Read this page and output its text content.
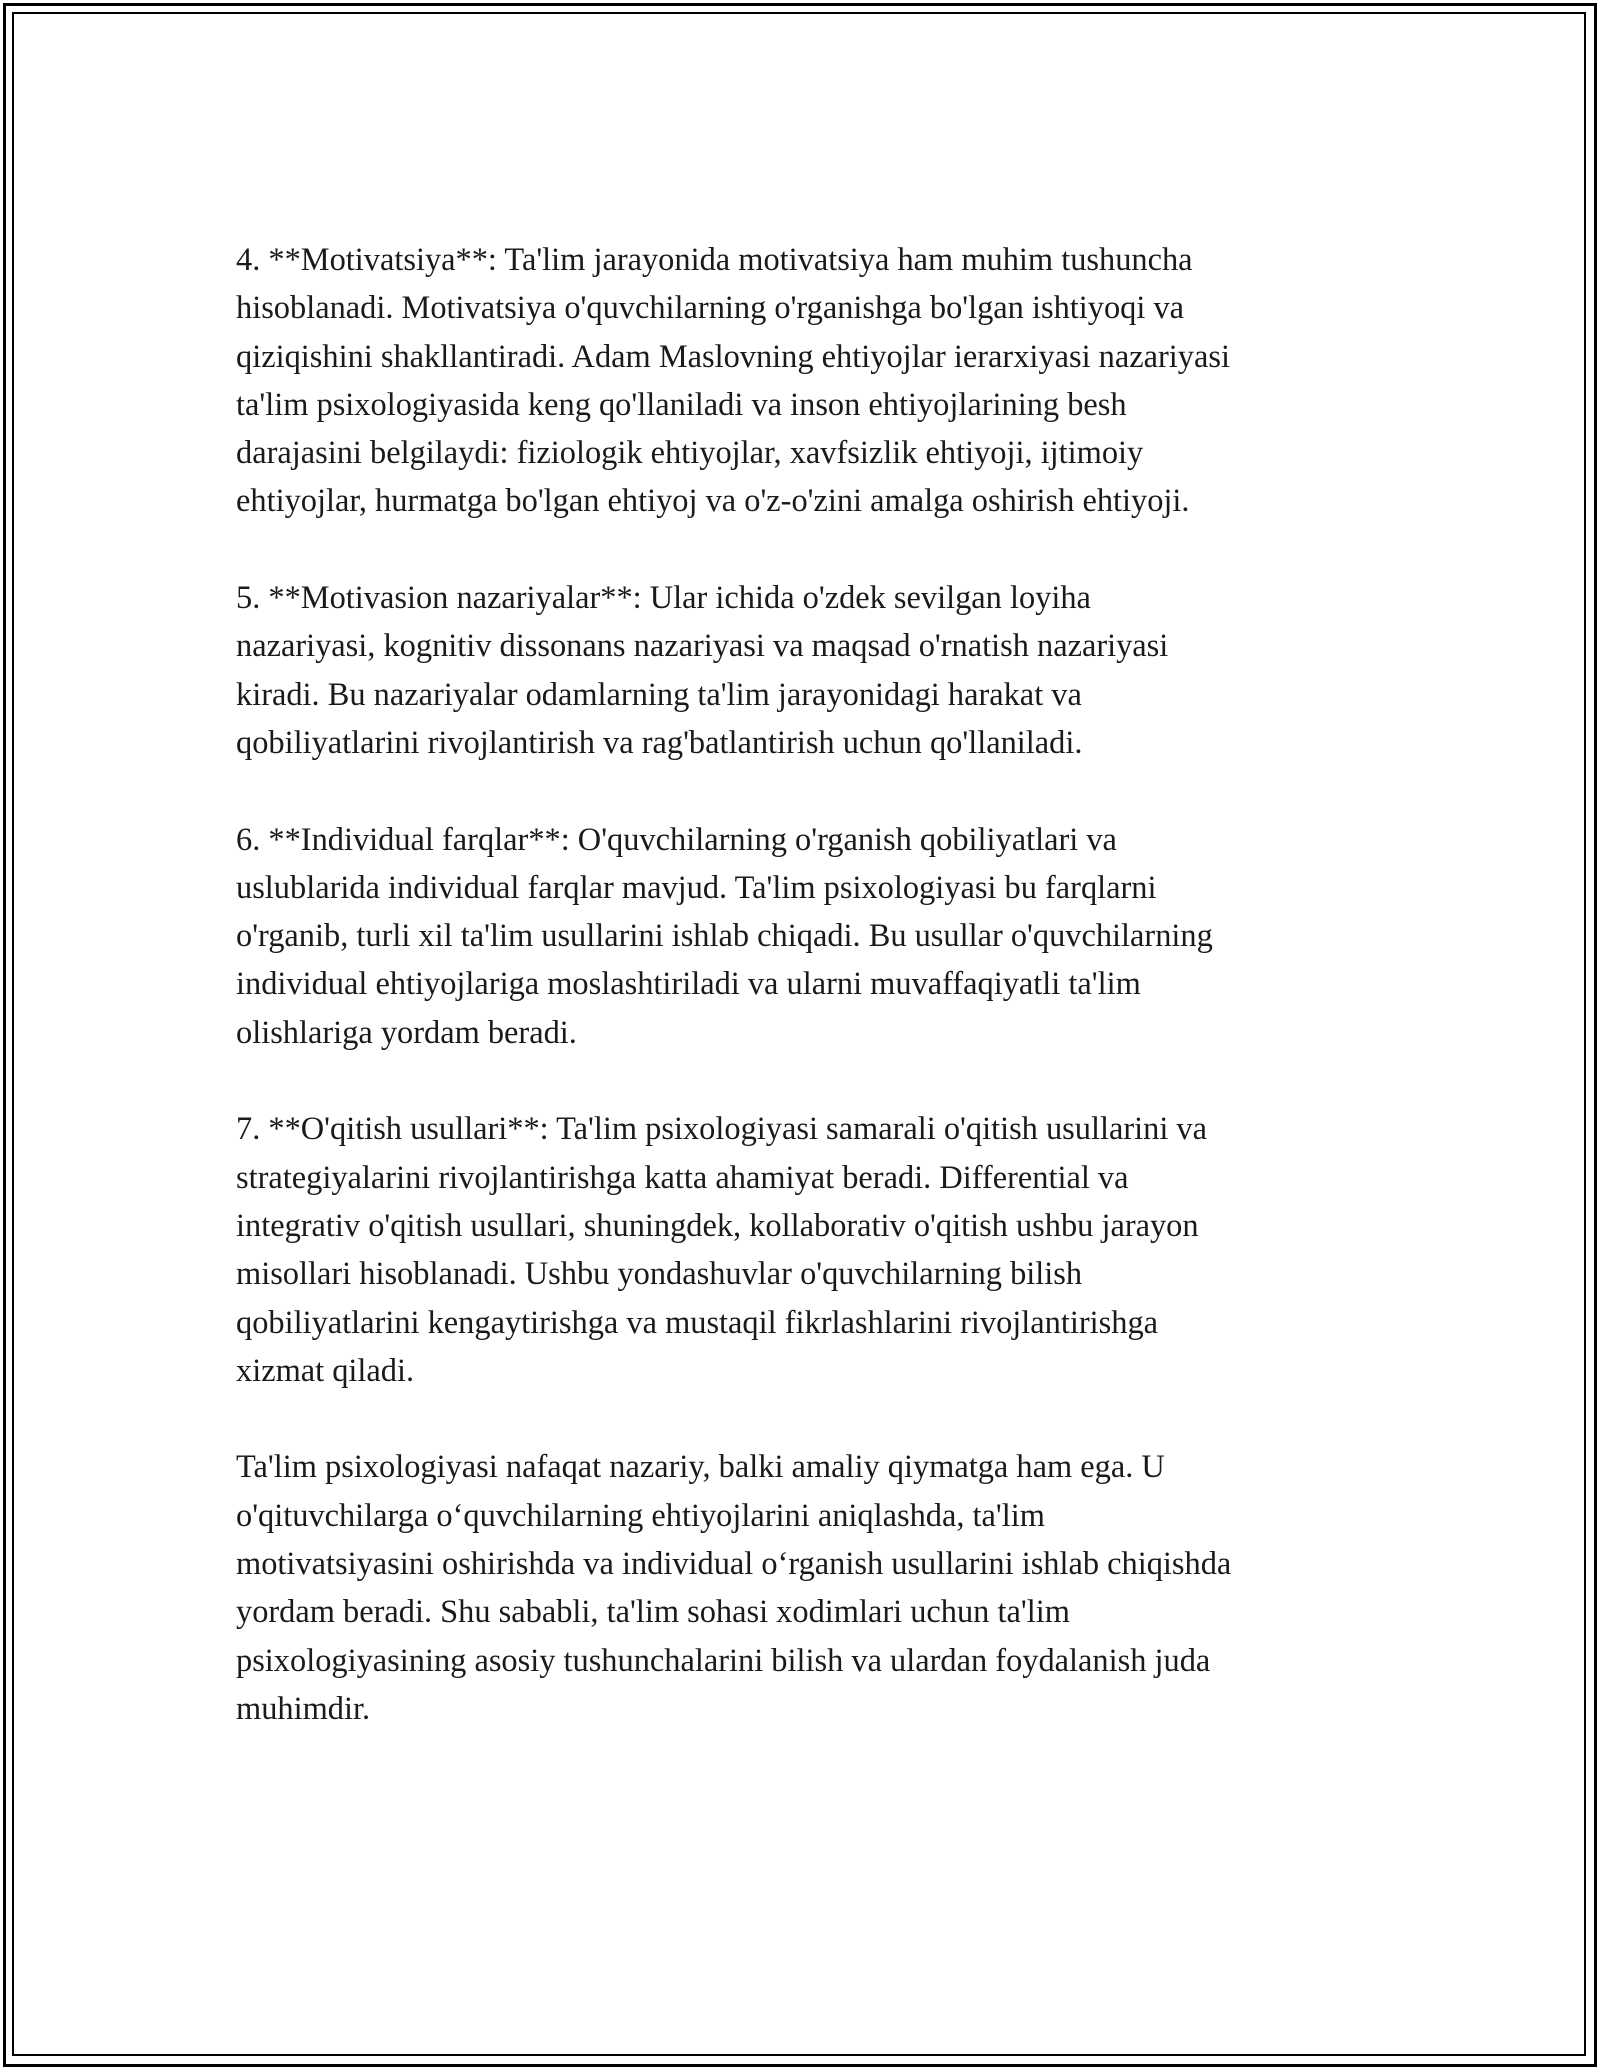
4. **Motivatsiya**: Ta'lim jarayonida motivatsiya ham muhim tushuncha
hisoblanadi. Motivatsiya o'quvchilarning o'rganishga bo'lgan ishtiyoqi va
qiziqishini shakllantiradi. Adam Maslovning ehtiyojlar ierarxiyasi nazariyasi
ta'lim psixologiyasida keng qo'llaniladi va inson ehtiyojlarining besh
darajasini belgilaydi: fiziologik ehtiyojlar, xavfsizlik ehtiyoji, ijtimoiy
ehtiyojlar, hurmatga bo'lgan ehtiyoj va o'z-o'zini amalga oshirish ehtiyoji.

5. **Motivasion nazariyalar**: Ular ichida o'zdek sevilgan loyiha
nazariyasi, kognitiv dissonans nazariyasi va maqsad o'rnatish nazariyasi
kiradi. Bu nazariyalar odamlarning ta'lim jarayonidagi harakat va
qobiliyatlarini rivojlantirish va rag'batlantirish uchun qo'llaniladi.

6. **Individual farqlar**: O'quvchilarning o'rganish qobiliyatlari va
uslublarida individual farqlar mavjud. Ta'lim psixologiyasi bu farqlarni
o'rganib, turli xil ta'lim usullarini ishlab chiqadi. Bu usullar o'quvchilarning
individual ehtiyojlariga moslashtiriladi va ularni muvaffaqiyatli ta'lim
olishlariga yordam beradi.

7. **O'qitish usullari**: Ta'lim psixologiyasi samarali o'qitish usullarini va
strategiyalarini rivojlantirishga katta ahamiyat beradi. Differential va
integrativ o'qitish usullari, shuningdek, kollaborativ o'qitish ushbu jarayon
misollari hisoblanadi. Ushbu yondashuvlar o'quvchilarning bilish
qobiliyatlarini kengaytirishga va mustaqil fikrlashlarini rivojlantirishga
xizmat qiladi.

Ta'lim psixologiyasi nafaqat nazariy, balki amaliy qiymatga ham ega. U
o'qituvchilarga o‘quvchilarning ehtiyojlarini aniqlashda, ta'lim
motivatsiyasini oshirishda va individual o‘rganish usullarini ishlab chiqishda
yordam beradi. Shu sababli, ta'lim sohasi xodimlari uchun ta'lim
psixologiyasining asosiy tushunchalarini bilish va ulardan foydalanish juda
muhimdir.
